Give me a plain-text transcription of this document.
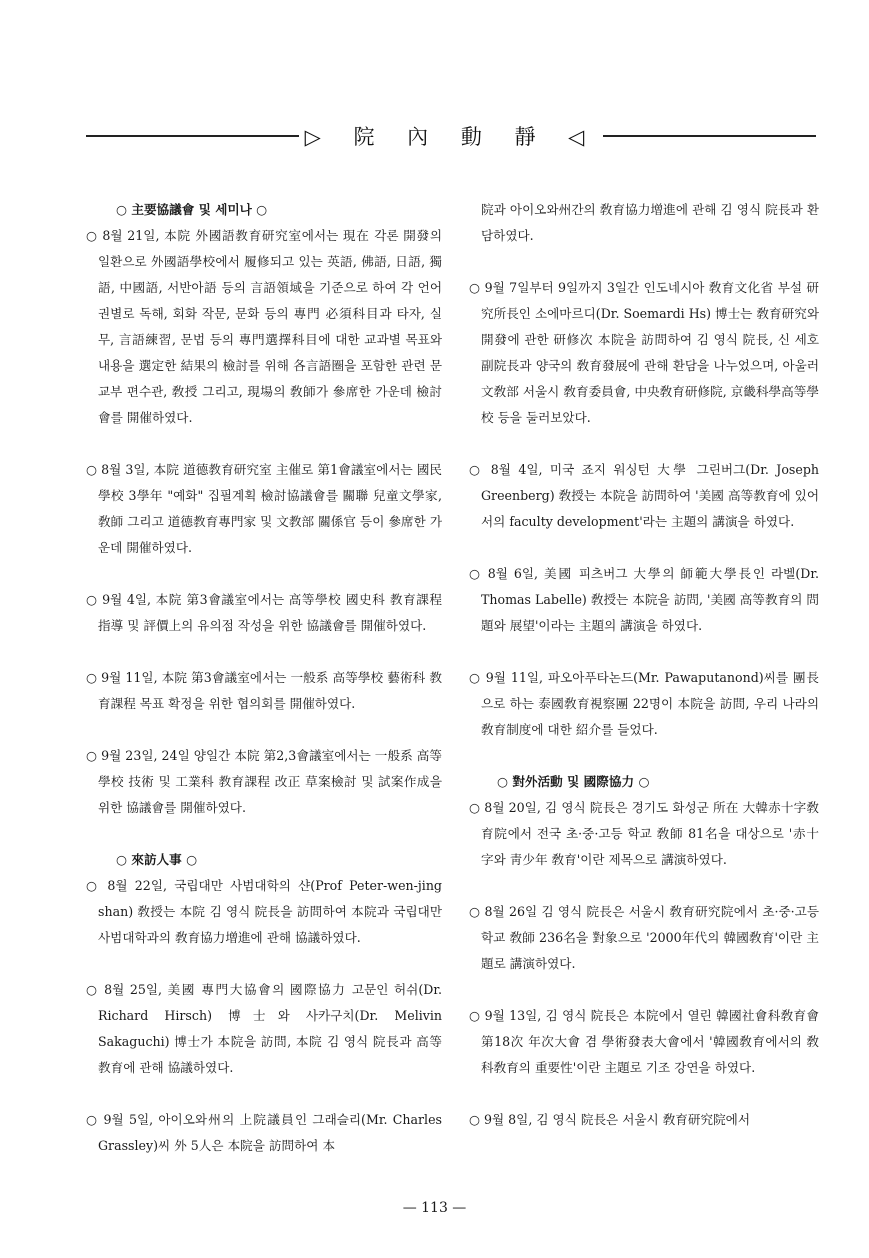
▷ 院 內 動 靜 ◁

○ 主要協議會 및 세미나 ○

○ 8월 21일, 本院 外國語教育研究室에서는 現在 각론 開發의 일환으로 外國語學校에서 履修되고 있는 英語, 佛語, 日語, 獨語, 中國語, 서반아語 등의 言語領域을 기준으로 하여 각 언어권별로 독해, 회화 작문, 문화 등의 專門 必須科目과 타자, 실무, 言語練習, 문법 등의 專門選擇科目에 대한 교과별 목표와 내용을 選定한 結果의 檢討를 위해 各言語圈을 포함한 관련 문교부 편수관, 敎授 그리고, 現場의 敎師가 參席한 가운데 檢討會를 開催하였다.

○ 8월 3일, 本院 道德教育研究室 主催로 第1會議室에서는 國民學校 3學年 "예화" 집필계획 檢討協議會를 關聯 兒童文學家, 敎師 그리고 道德教育專門家 및 文教部 關係官 등이 參席한 가운데 開催하였다.

○ 9월 4일, 本院 第3會議室에서는 高等學校 國史科 教育課程 指導 및 評價上의 유의점 작성을 위한 協議會를 開催하였다.

○ 9월 11일, 本院 第3會議室에서는 一般系 高等學校 藝術科 教育課程 목표 확정을 위한 협의회를 開催하였다.

○ 9월 23일, 24일 양일간 本院 第2,3會議室에서는 一般系 高等學校 技術 및 工業科 教育課程 改正 草案檢討 및 試案作成을 위한 協議會를 開催하였다.

○ 來訪人事 ○

○ 8월 22일, 국립대만 사범대학의 샨(Prof Peter-wen-jing shan) 敎授는 本院 김 영식 院長을 訪問하여 本院과 국립대만 사범대학과의 敎育協力增進에 관해 協議하였다.

○ 8월 25일, 美國 專門大協會의 國際協力 고문인 허쉬(Dr. Richard Hirsch) 博士와 사카구치(Dr. Melivin Sakaguchi) 博士가 本院을 訪問, 本院 김 영식 院長과 高等教育에 관해 協議하였다.

○ 9월 5일, 아이오와州의 上院議員인 그래슬리(Mr. Charles Grassley)씨 外 5人은 本院을 訪問하여 本

院과 아이오와州간의 敎育協力增進에 관해 김 영식 院長과 환담하였다.

○ 9월 7일부터 9일까지 3일간 인도네시아 敎育文化省 부설 研究所長인 소에마르디(Dr. Soemardi Hs) 博士는 敎育研究와 開發에 관한 研修次 本院을 訪問하여 김 영식 院長, 신 세호 副院長과 양국의 敎育發展에 관해 환담을 나누었으며, 아울러 文敎部 서울시 敎育委員會, 中央敎育研修院, 京畿科學高等學校 등을 둘러보았다.

○ 8월 4일, 미국 죠지 워싱턴 大學 그린버그(Dr. Joseph Greenberg) 敎授는 本院을 訪問하여 '美國 高等教育에 있어서의 faculty development'라는 主題의 講演을 하였다.

○ 8월 6일, 美國 피츠버그 大學의 師範大學長인 라벨(Dr. Thomas Labelle) 敎授는 本院을 訪問, '美國 高等教育의 問題와 展望'이라는 主題의 講演을 하였다.

○ 9월 11일, 파오아푸타논드(Mr. Pawaputanond)씨를 團長으로 하는 泰國敎育視察團 22명이 本院을 訪問, 우리 나라의 敎育制度에 대한 紹介를 들었다.

○ 對外活動 및 國際協力 ○

○ 8월 20일, 김 영식 院長은 경기도 화성군 所在 大韓赤十字敎育院에서 전국 초·중·고등 학교 敎師 81名을 대상으로 '赤十字와 靑少年 敎育'이란 제목으로 講演하였다.

○ 8월 26일 김 영식 院長은 서울시 敎育研究院에서 초·중·고등 학교 敎師 236名을 對象으로 '2000年代의 韓國敎育'이란 主題로 講演하였다.

○ 9월 13일, 김 영식 院長은 本院에서 열린 韓國社會科敎育會 第18次 年次大會 겸 學術發表大會에서 '韓國敎育에서의 敎科敎育의 重要性'이란 主題로 기조 강연을 하였다.

○ 9월 8일, 김 영식 院長은 서울시 敎育研究院에서

— 113 —
